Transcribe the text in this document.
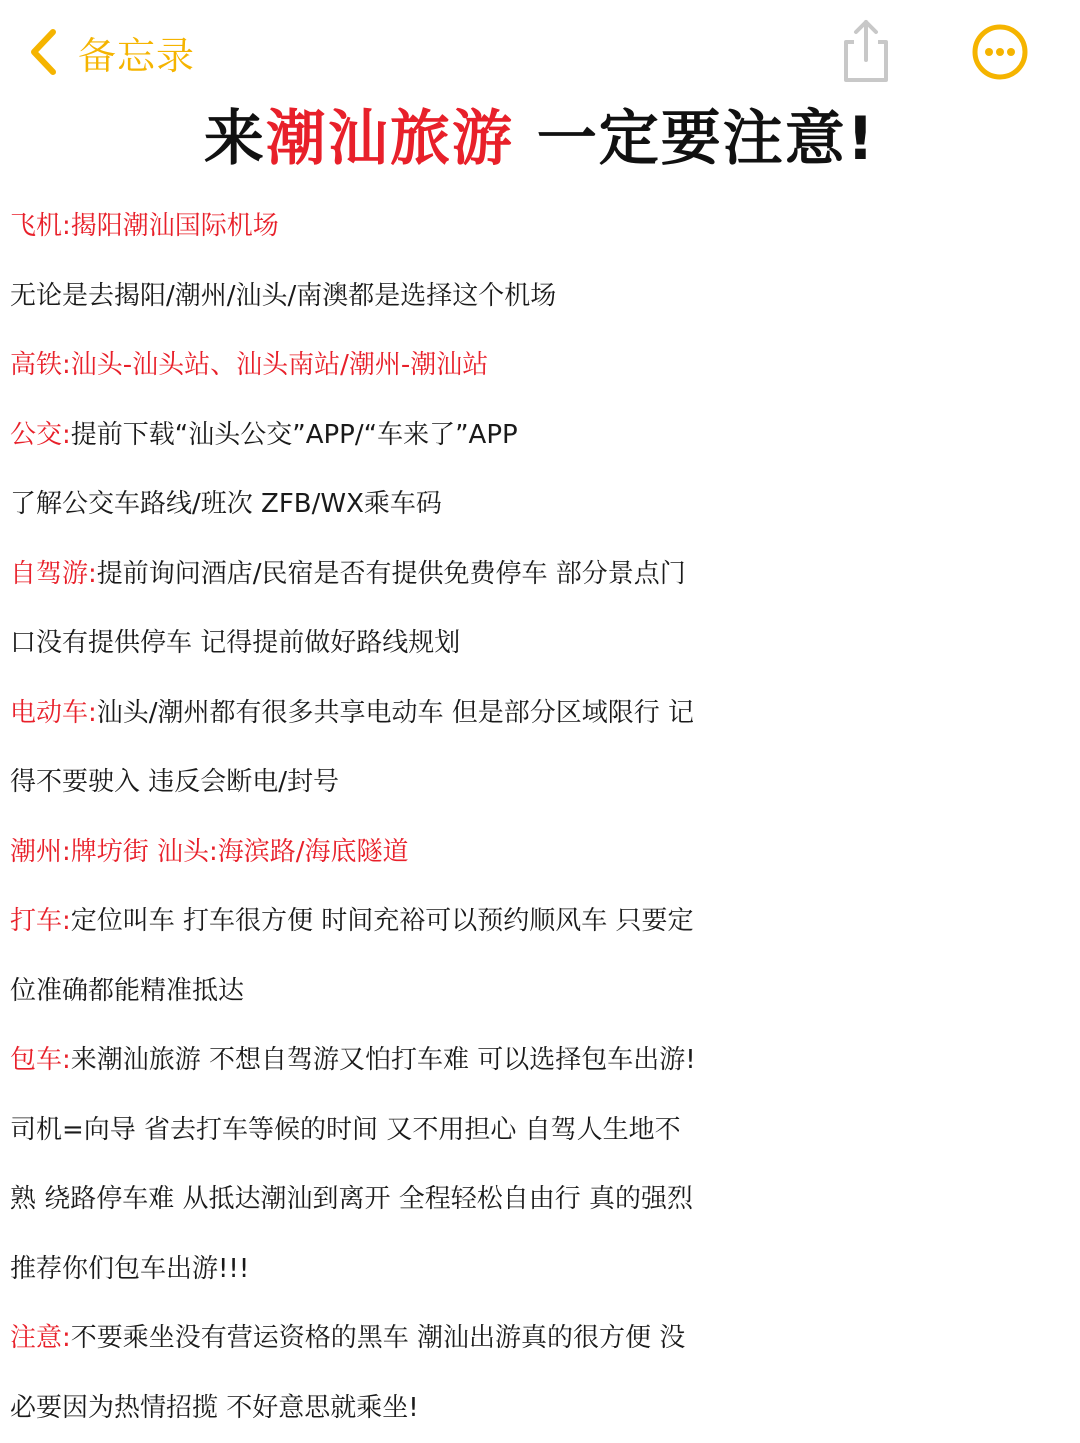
备忘录
来潮汕旅游 一定要注意!
飞机:揭阳潮汕国际机场
无论是去揭阳/潮州/汕头/南澳都是选择这个机场
高铁:汕头-汕头站、汕头南站/潮州-潮汕站
公交:提前下载“汕头公交”APP/“车来了”APP
了解公交车路线/班次 ZFB/WX乘车码
自驾游:提前询问酒店/民宿是否有提供免费停车 部分景点门
口没有提供停车 记得提前做好路线规划
电动车:汕头/潮州都有很多共享电动车 但是部分区域限行 记
得不要驶入 违反会断电/封号
潮州:牌坊街 汕头:海滨路/海底隧道
打车:定位叫车 打车很方便 时间充裕可以预约顺风车 只要定
位准确都能精准抵达
包车:来潮汕旅游 不想自驾游又怕打车难 可以选择包车出游!
司机=向导 省去打车等候的时间 又不用担心 自驾人生地不
熟 绕路停车难 从抵达潮汕到离开 全程轻松自由行 真的强烈
推荐你们包车出游!!!
注意:不要乘坐没有营运资格的黑车 潮汕出游真的很方便 没
必要因为热情招揽 不好意思就乘坐!
